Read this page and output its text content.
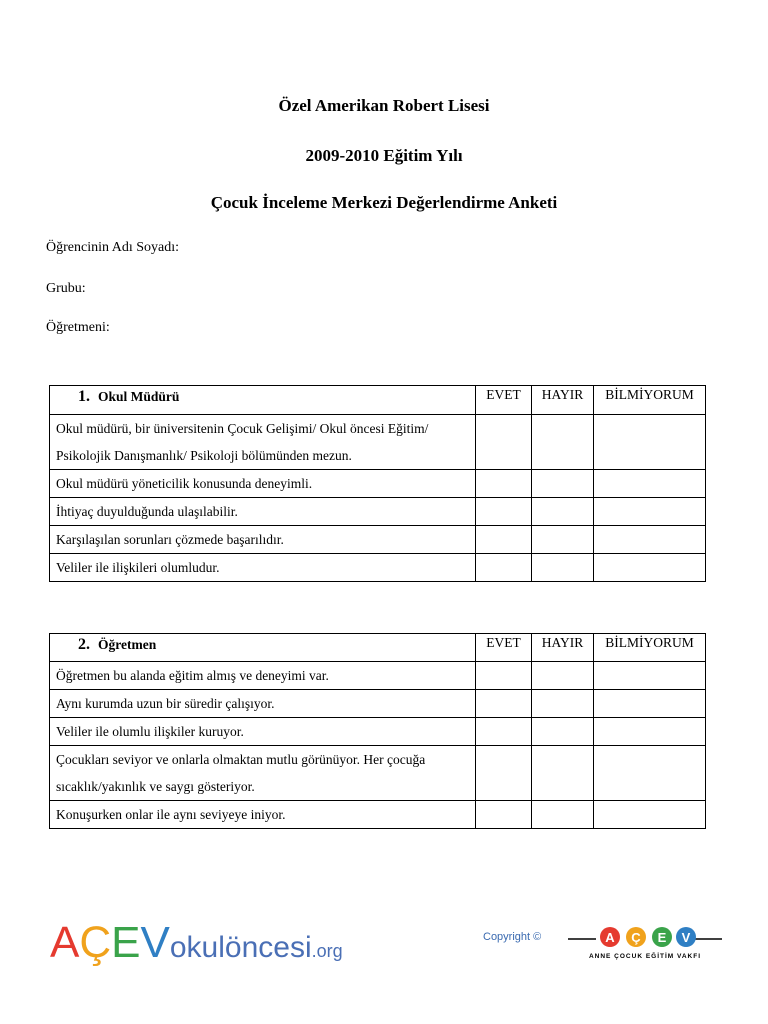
Özel Amerikan Robert Lisesi
2009-2010 Eğitim Yılı
Çocuk İnceleme Merkezi Değerlendirme Anketi
Öğrencinin Adı Soyadı:
Grubu:
Öğretmeni:
1. Okul Müdürü	EVET	HAYIR	BİLMİYORUM
Okul müdürü, bir üniversitenin Çocuk Gelişimi/ Okul öncesi Eğitim/ Psikolojik Danışmanlık/ Psikoloji bölümünden mezun.			
Okul müdürü yöneticilik konusunda deneyimli.			
İhtiyaç duyulduğunda ulaşılabilir.			
Karşılaşılan sorunları çözmede başarılıdır.			
Veliler ile ilişkileri olumludur.			
2. Öğretmen	EVET	HAYIR	BİLMİYORUM
Öğretmen bu alanda eğitim almış ve deneyimi var.			
Aynı kurumda uzun bir süredir çalışıyor.			
Veliler ile olumlu ilişkiler kuruyor.			
Çocukları seviyor ve onlarla olmaktan mutlu görünüyor. Her çocuğa sıcaklık/yakınlık ve saygı gösteriyor.			
Konuşurken onlar ile aynı seviyeye iniyor.			
AÇEVokulöncesi.org
Copyright ©	A Ç E V
ANNE ÇOCUK EĞİTİM VAKFI
